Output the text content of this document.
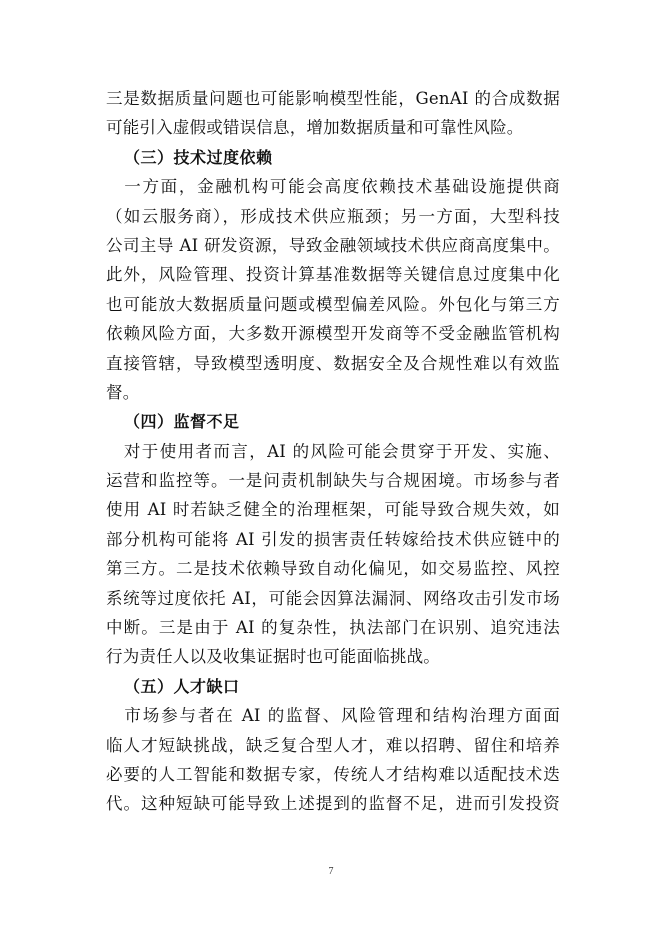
三是数据质量问题也可能影响模型性能，GenAI 的合成数据
可能引入虚假或错误信息，增加数据质量和可靠性风险。
（三）技术过度依赖
　一方面，金融机构可能会高度依赖技术基础设施提供商
（如云服务商），形成技术供应瓶颈；另一方面，大型科技
公司主导 AI 研发资源，导致金融领域技术供应商高度集中。
此外，风险管理、投资计算基准数据等关键信息过度集中化
也可能放大数据质量问题或模型偏差风险。外包化与第三方
依赖风险方面，大多数开源模型开发商等不受金融监管机构
直接管辖，导致模型透明度、数据安全及合规性难以有效监
督。
（四）监督不足
　对于使用者而言，AI 的风险可能会贯穿于开发、实施、
运营和监控等。一是问责机制缺失与合规困境。市场参与者
使用 AI 时若缺乏健全的治理框架，可能导致合规失效，如
部分机构可能将 AI 引发的损害责任转嫁给技术供应链中的
第三方。二是技术依赖导致自动化偏见，如交易监控、风控
系统等过度依托 AI，可能会因算法漏洞、网络攻击引发市场
中断。三是由于 AI 的复杂性，执法部门在识别、追究违法
行为责任人以及收集证据时也可能面临挑战。
（五）人才缺口
　市场参与者在 AI 的监督、风险管理和结构治理方面面
临人才短缺挑战，缺乏复合型人才，难以招聘、留住和培养
必要的人工智能和数据专家，传统人才结构难以适配技术迭
代。这种短缺可能导致上述提到的监督不足，进而引发投资
7
